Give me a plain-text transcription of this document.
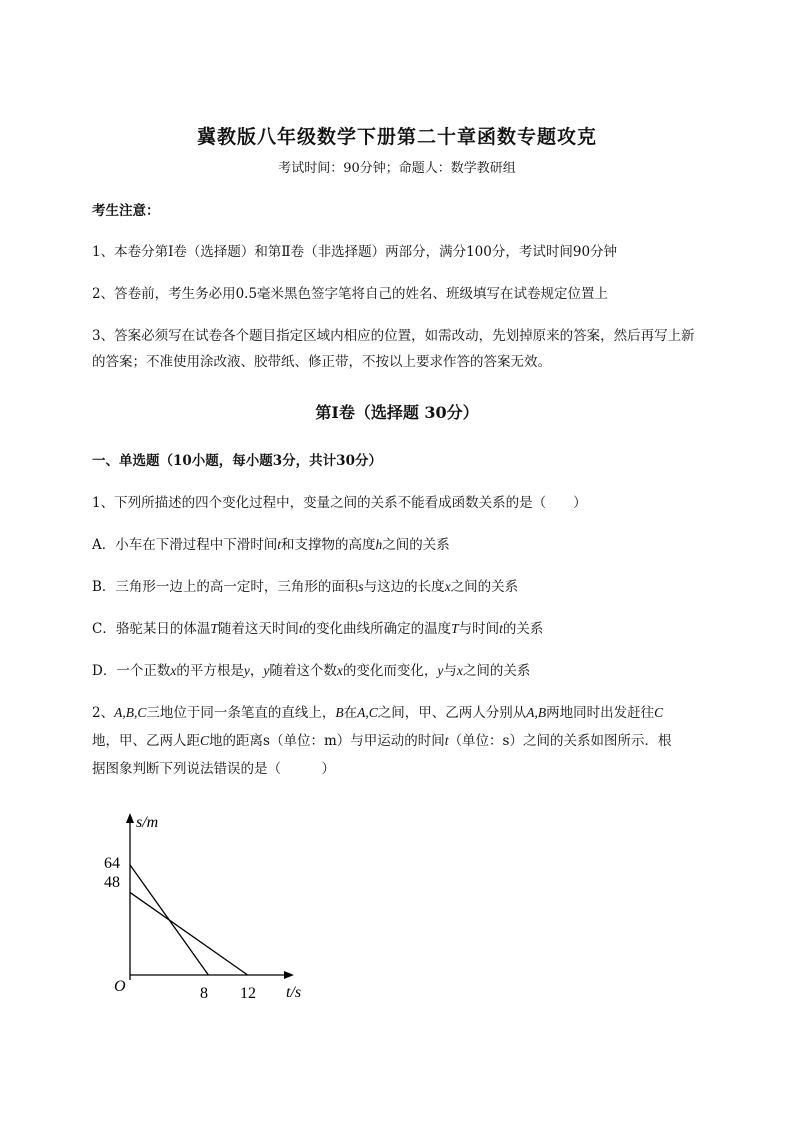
冀教版八年级数学下册第二十章函数专题攻克
考试时间：90分钟；命题人：数学教研组
考生注意：
1、本卷分第I卷（选择题）和第Ⅱ卷（非选择题）两部分，满分100分，考试时间90分钟
2、答卷前，考生务必用0.5毫米黑色签字笔将自己的姓名、班级填写在试卷规定位置上
3、答案必须写在试卷各个题目指定区域内相应的位置，如需改动，先划掉原来的答案，然后再写上新
的答案；不准使用涂改液、胶带纸、修正带，不按以上要求作答的答案无效。
第I卷（选择题 30分）
一、单选题（10小题，每小题3分，共计30分）
1、下列所描述的四个变化过程中，变量之间的关系不能看成函数关系的是（　　）
A．小车在下滑过程中下滑时间t和支撑物的高度h之间的关系
B．三角形一边上的高一定时，三角形的面积s与这边的长度x之间的关系
C．骆驼某日的体温T随着这天时间t的变化曲线所确定的温度T与时间t的关系
D．一个正数x的平方根是y，y随着这个数x的变化而变化，y与x之间的关系
2、A,B,C三地位于同一条笔直的直线上，B在A,C之间，甲、乙两人分别从A,B两地同时出发赶往C
地，甲、乙两人距C地的距离s（单位：m）与甲运动的时间t（单位：s）之间的关系如图所示．根
据图象判断下列说法错误的是（　　　）
s/m
t/s
O
64
48
8 12
